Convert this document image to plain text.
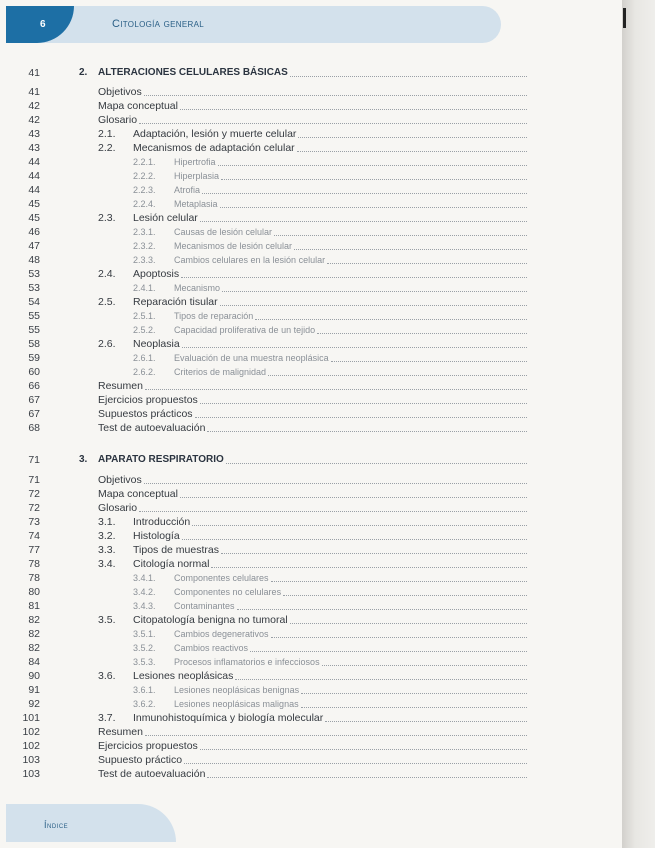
6	Citología general
2. ALTERACIONES CELULARES BÁSICAS
41
Objetivos
41
Mapa conceptual
42
Glosario
42
2.1. Adaptación, lesión y muerte celular
43
2.2. Mecanismos de adaptación celular
43
2.2.1. Hipertrofia
44
2.2.2. Hiperplasia
44
2.2.3. Atrofia
44
2.2.4. Metaplasia
45
2.3. Lesión celular
45
2.3.1. Causas de lesión celular
46
2.3.2. Mecanismos de lesión celular
47
2.3.3. Cambios celulares en la lesión celular
48
2.4. Apoptosis
53
2.4.1. Mecanismo
53
2.5. Reparación tisular
54
2.5.1. Tipos de reparación
55
2.5.2. Capacidad proliferativa de un tejido
55
2.6. Neoplasia
58
2.6.1. Evaluación de una muestra neoplásica
59
2.6.2. Criterios de malignidad
60
Resumen
66
Ejercicios propuestos
67
Supuestos prácticos
67
Test de autoevaluación
68
3. APARATO RESPIRATORIO
71
Objetivos
71
Mapa conceptual
72
Glosario
72
3.1. Introducción
73
3.2. Histología
74
3.3. Tipos de muestras
77
3.4. Citología normal
78
3.4.1. Componentes celulares
78
3.4.2. Componentes no celulares
80
3.4.3. Contaminantes
81
3.5. Citopatología benigna no tumoral
82
3.5.1. Cambios degenerativos
82
3.5.2. Cambios reactivos
82
3.5.3. Procesos inflamatorios e infecciosos
84
3.6. Lesiones neoplásicas
90
3.6.1. Lesiones neoplásicas benignas
91
3.6.2. Lesiones neoplásicas malignas
92
3.7. Inmunohistoquímica y biología molecular
101
Resumen
102
Ejercicios propuestos
102
Supuesto práctico
103
Test de autoevaluación
103
Índice
